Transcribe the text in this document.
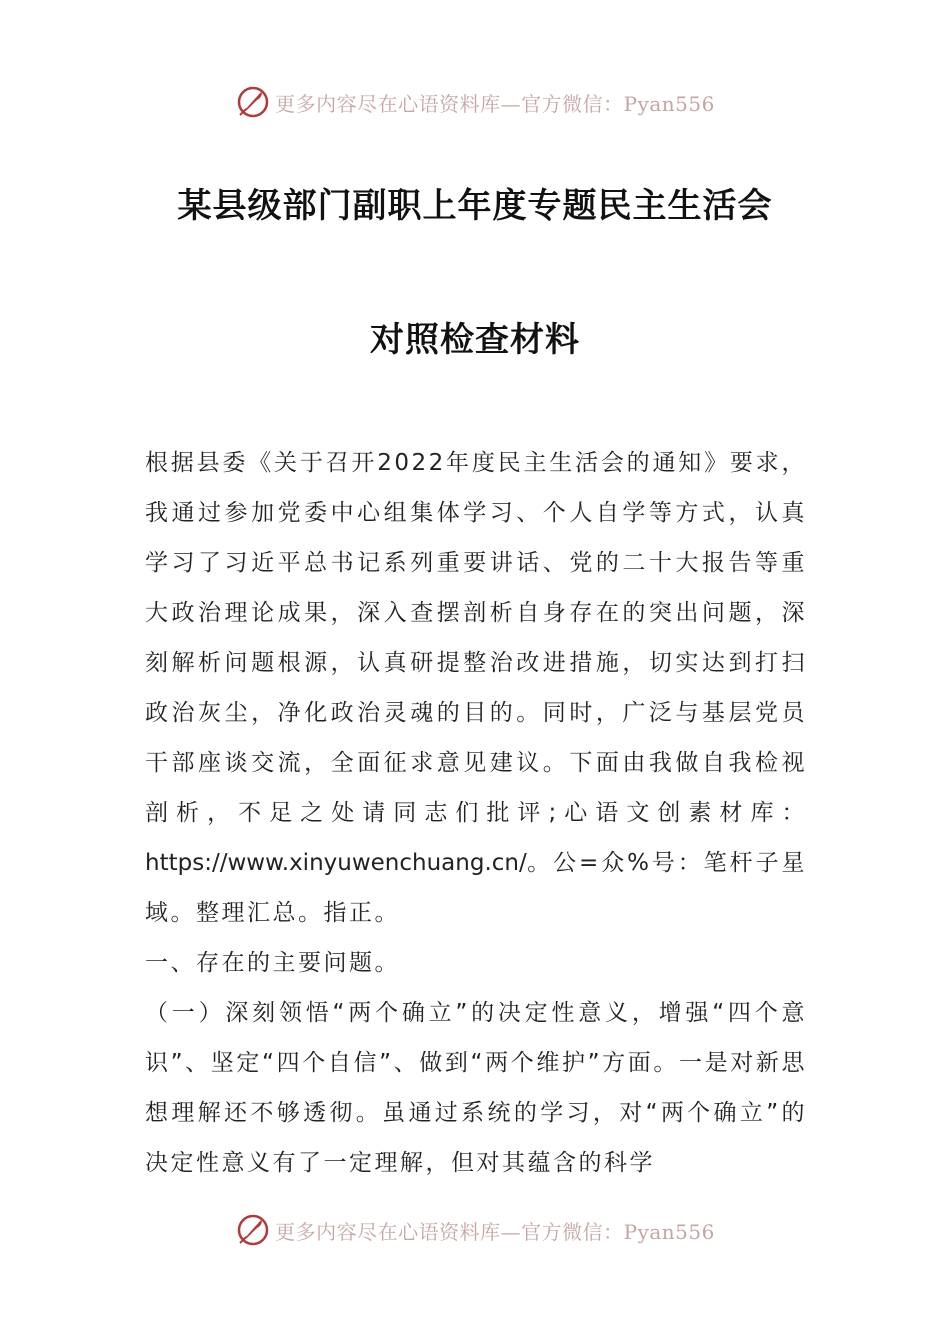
更多内容尽在心语资料库—官方微信：Pyan556
某县级部门副职上年度专题民主生活会
对照检查材料

根据县委《关于召开2022年度民主生活会的通知》要求，我通过参加党委中心组集体学习、个人自学等方式，认真学习了习近平总书记系列重要讲话、党的二十大报告等重大政治理论成果，深入查摆剖析自身存在的突出问题，深刻解析问题根源，认真研提整治改进措施，切实达到打扫政治灰尘，净化政治灵魂的目的。同时，广泛与基层党员干部座谈交流，全面征求意见建议。下面由我做自我检视剖析，不足之处请同志们批评;心语文创素材库：https://www.xinyuwenchuang.cn/。公=众%号：笔杆子星域。整理汇总。指正。

一、存在的主要问题。

（一）深刻领悟“两个确立”的决定性意义，增强“四个意识”、坚定“四个自信”、做到“两个维护”方面。一是对新思想理解还不够透彻。虽通过系统的学习，对“两个确立”的决定性意义有了一定理解，但对其蕴含的科学

更多内容尽在心语资料库—官方微信：Pyan556
